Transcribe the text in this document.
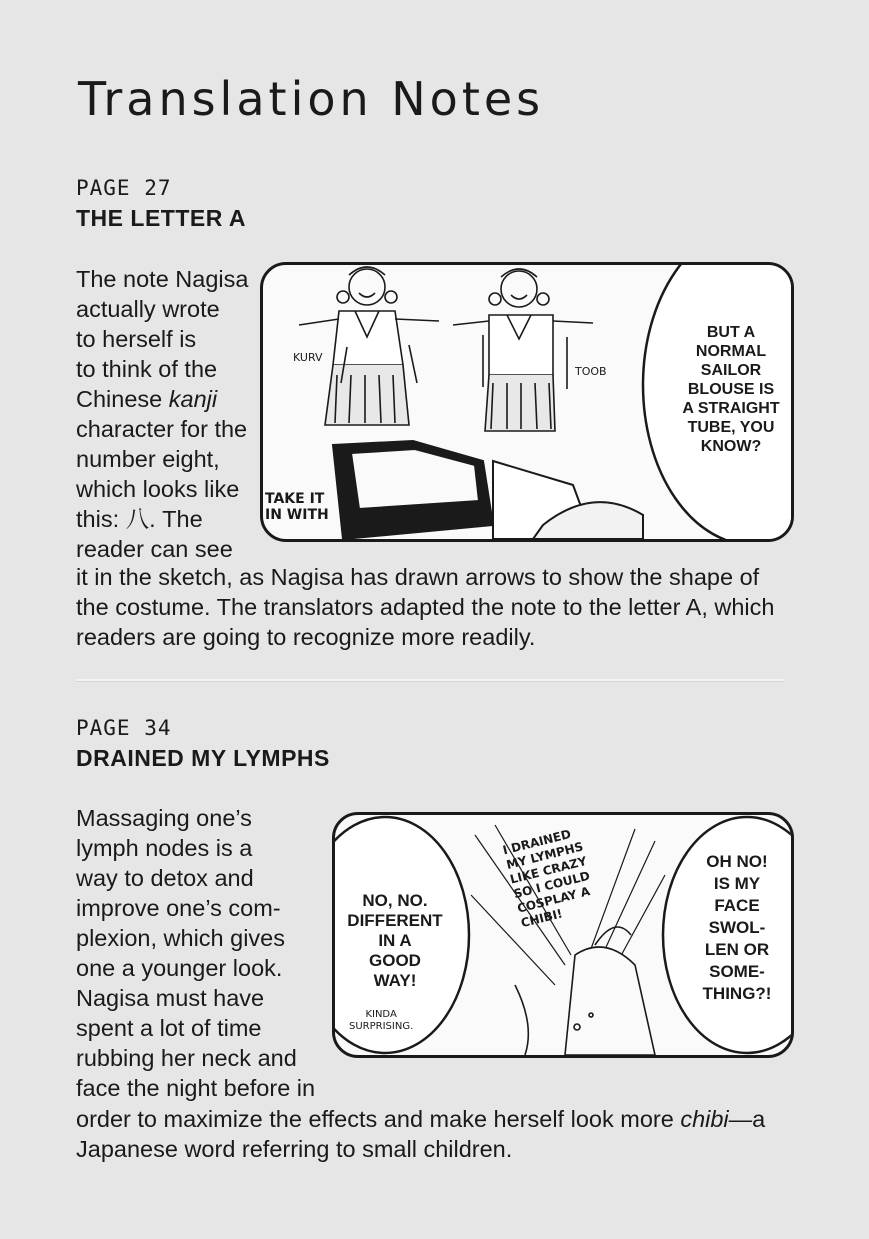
Translation Notes
PAGE 27
THE LETTER A
The note Nagisa
actually wrote
to herself is
to think of the
Chinese kanji
character for the
number eight,
which looks like
this: 八. The
reader can see
it in the sketch, as Nagisa has drawn arrows to show the shape of
the costume. The translators adapted the note to the letter A, which
readers are going to recognize more readily.
BUT A
NORMAL
SAILOR
BLOUSE IS
A STRAIGHT
TUBE, YOU
KNOW?
KURV
TOOB
TAKE IT
IN WITH
PAGE 34
DRAINED MY LYMPHS
Massaging one’s
lymph nodes is a
way to detox and
improve one’s com-
plexion, which gives
one a younger look.
Nagisa must have
spent a lot of time
rubbing her neck and
face the night before in
order to maximize the effects and make herself look more chibi—a
Japanese word referring to small children.
NO, NO.
DIFFERENT
IN A
GOOD
WAY!
KINDA
SURPRISING.
I DRAINED
MY LYMPHS
LIKE CRAZY
SO I COULD
COSPLAY A
CHIBI!
OH NO!
IS MY
FACE
SWOL-
LEN OR
SOME-
THING?!
